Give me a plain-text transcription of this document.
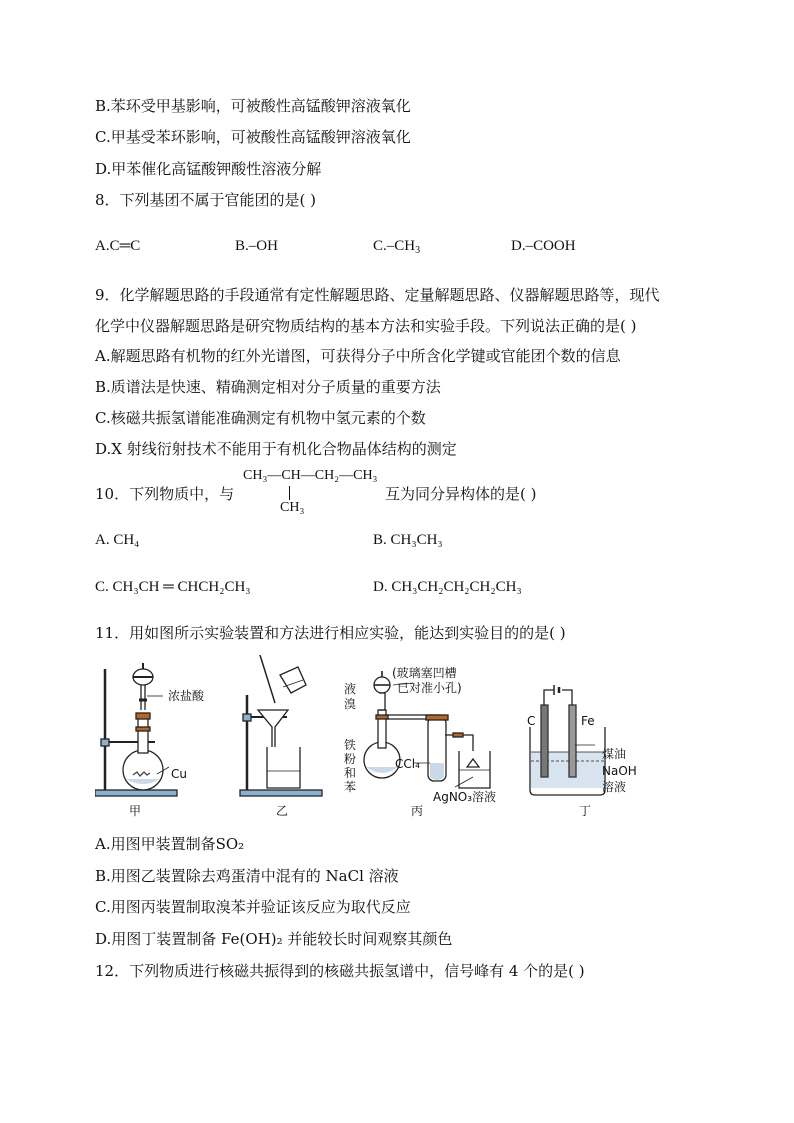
B.苯环受甲基影响，可被酸性高锰酸钾溶液氧化
C.甲基受苯环影响，可被酸性高锰酸钾溶液氧化
D.甲苯催化高锰酸钾酸性溶液分解
8．下列基团不属于官能团的是( )
A.C═C	B.–OH	$C.-CH_3$	D.–COOH
9．化学解题思路的手段通常有定性解题思路、定量解题思路、仪器解题思路等，现代
化学中仪器解题思路是研究物质结构的基本方法和实验手段。下列说法正确的是( )
A.解题思路有机物的红外光谱图，可获得分子中所含化学键或官能团个数的信息
B.质谱法是快速、精确测定相对分子质量的重要方法
C.核磁共振氢谱能准确测定有机物中氢元素的个数
D.X 射线衍射技术不能用于有机化合物晶体结构的测定
10．下列物质中，与
CH₃—CH—CH₂—CH₃
CH₃
互为同分异构体的是( )
A. CH₄	B. CH₃CH₃
C. CH₃CH ═ CHCH₂CH₃	D. CH₃CH₂CH₂CH₂CH₃
11．用如图所示实验装置和方法进行相应实验，能达到实验目的的是( )
浓盐酸
Cu
甲	乙
液
溴
(玻璃塞凹槽
已对准小孔)
铁
粉
和
苯
CCl₄
AgNO₃溶液
丙
C	Fe
煤油
NaOH
溶液
丁
A.用图甲装置制备SO₂
B.用图乙装置除去鸡蛋清中混有的 NaCl 溶液
C.用图丙装置制取溴苯并验证该反应为取代反应
D.用图丁装置制备 Fe(OH)₂ 并能较长时间观察其颜色
12．下列物质进行核磁共振得到的核磁共振氢谱中，信号峰有 4 个的是( )
